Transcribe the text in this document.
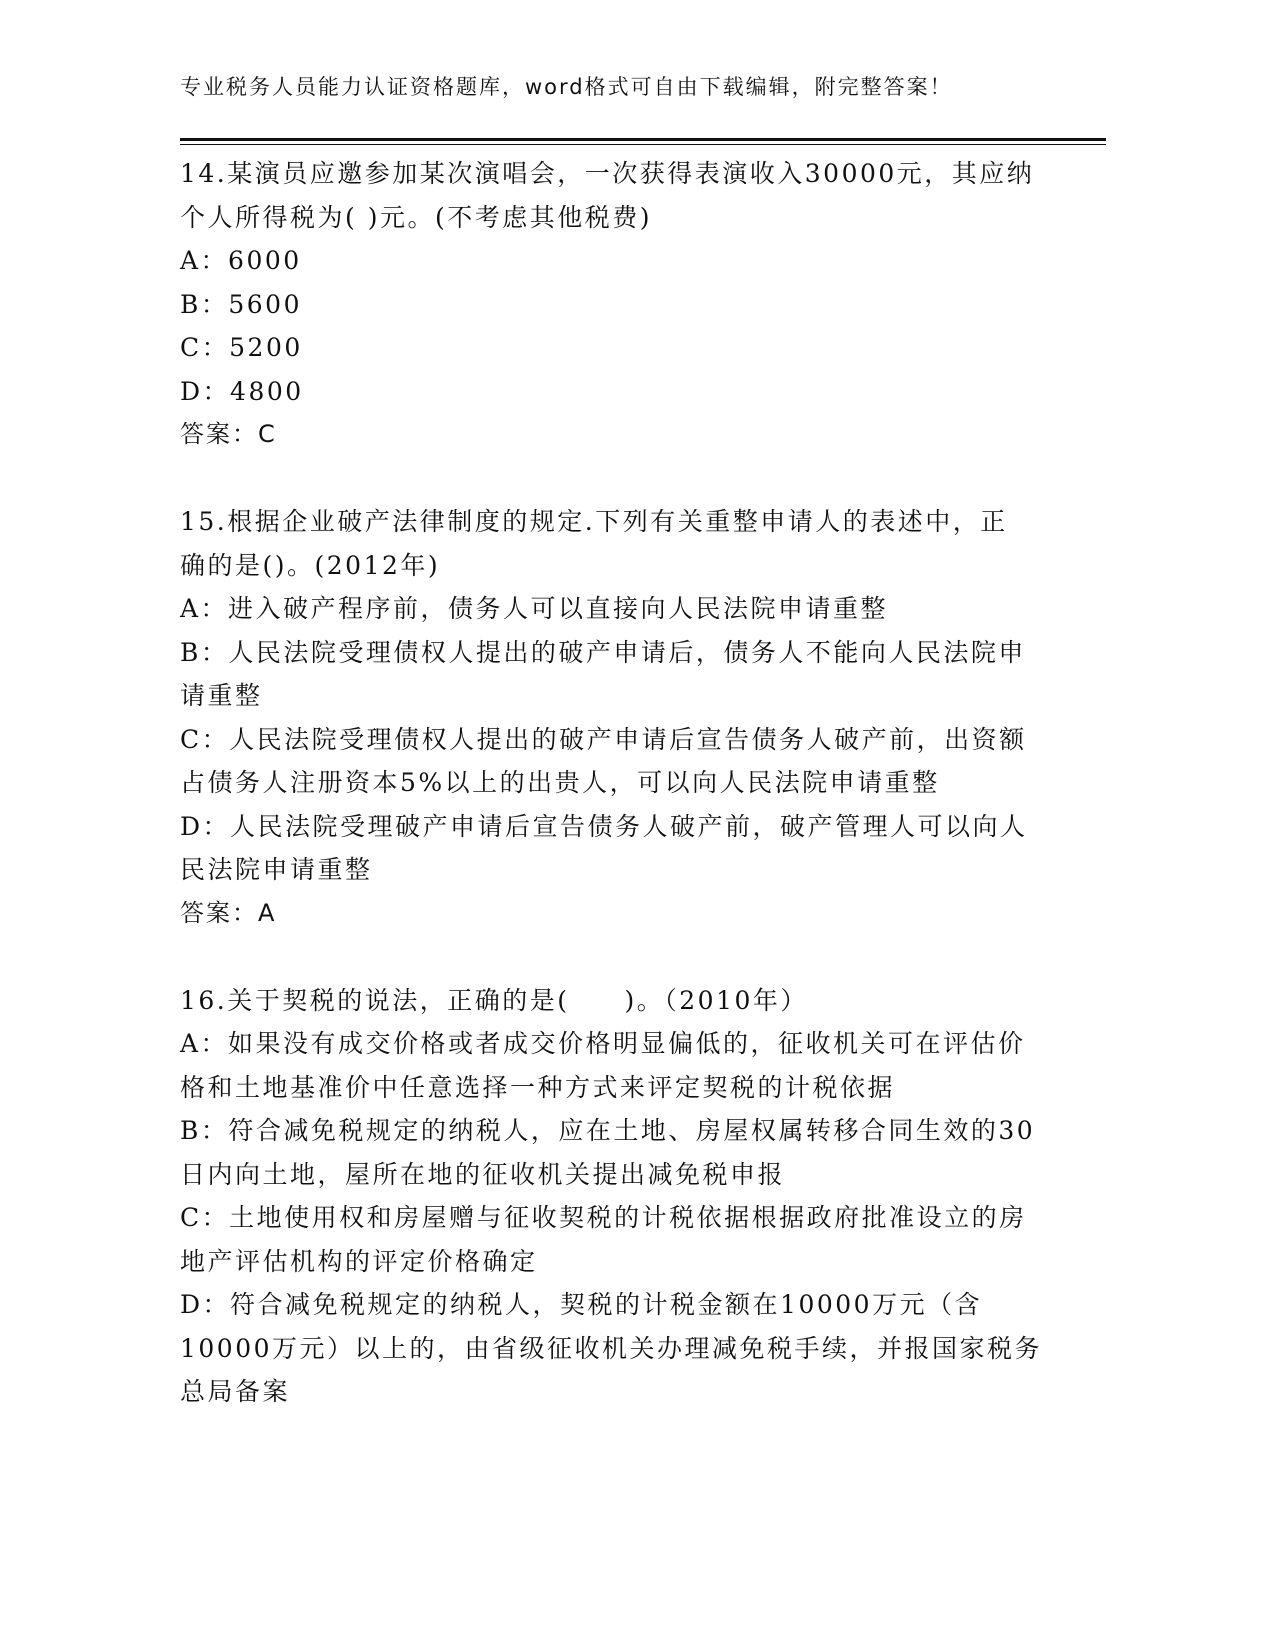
专业税务人员能力认证资格题库，word格式可自由下载编辑，附完整答案！
14.某演员应邀参加某次演唱会，一次获得表演收入30000元，其应纳
个人所得税为( )元。(不考虑其他税费)
A：6000
B：5600
C：5200
D：4800
答案：C
15.根据企业破产法律制度的规定.下列有关重整申请人的表述中，正
确的是()。(2012年)
A：进入破产程序前，债务人可以直接向人民法院申请重整
B：人民法院受理债权人提出的破产申请后，债务人不能向人民法院申
请重整
C：人民法院受理债权人提出的破产申请后宣告债务人破产前，出资额
占债务人注册资本5%以上的出贵人，可以向人民法院申请重整
D：人民法院受理破产申请后宣告债务人破产前，破产管理人可以向人
民法院申请重整
答案：A
16.关于契税的说法，正确的是(　　)。（2010年）
A：如果没有成交价格或者成交价格明显偏低的，征收机关可在评估价
格和土地基准价中任意选择一种方式来评定契税的计税依据
B：符合减免税规定的纳税人，应在土地、房屋权属转移合同生效的30
日内向土地，屋所在地的征收机关提出减免税申报
C：土地使用权和房屋赠与征收契税的计税依据根据政府批准设立的房
地产评估机构的评定价格确定
D：符合减免税规定的纳税人，契税的计税金额在10000万元（含
10000万元）以上的，由省级征收机关办理减免税手续，并报国家税务
总局备案
